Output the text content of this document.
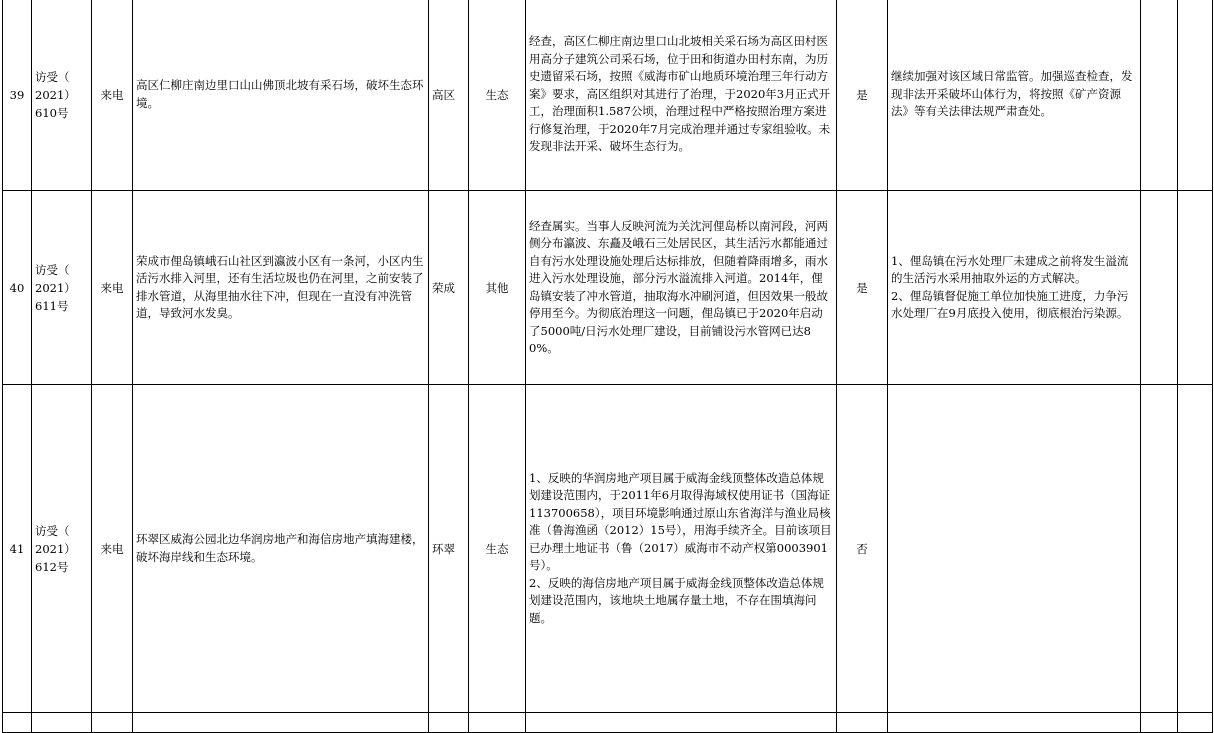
39	访受（
2021）
610号	来电	高区仁柳庄南边里口山山佛顶北坡有采石场，破坏生态环境。	高区	生态	经查，高区仁柳庄南边里口山北坡相关采石场为高区田村医用高分子建筑公司采石场，位于田和街道办田村东南，为历史遗留采石场，按照《威海市矿山地质环境治理三年行动方案》要求，高区组织对其进行了治理，于2020年3月正式开工，治理面积1.587公顷，治理过程中严格按照治理方案进行修复治理，于2020年7月完成治理并通过专家组验收。未发现非法开采、破坏生态行为。	是	继续加强对该区域日常监管。加强巡查检查，发现非法开采破坏山体行为，将按照《矿产资源法》等有关法律法规严肃查处。		

40	访受（
2021）
611号	来电	荣成市俚岛镇峨石山社区到瀛波小区有一条河，小区内生活污水排入河里，还有生活垃圾也仍在河里，之前安装了排水管道，从海里抽水往下冲，但现在一直没有冲洗管道，导致河水发臭。	荣成	其他	经查属实。当事人反映河流为关沈河俚岛桥以南河段，河两侧分布瀛波、东矗及峨石三处居民区，其生活污水都能通过自有污水处理设施处理后达标排放，但随着降雨增多，雨水进入污水处理设施，部分污水溢流排入河道。2014年，俚岛镇安装了冲水管道，抽取海水冲刷河道，但因效果一般故停用至今。为彻底治理这一问题，俚岛镇已于2020年启动了5000吨/日污水处理厂建设，目前铺设污水管网已达80%。	是	1、俚岛镇在污水处理厂未建成之前将发生溢流的生活污水采用抽取外运的方式解决。
2、俚岛镇督促施工单位加快施工进度，力争污水处理厂在9月底投入使用，彻底根治污染源。		

41	访受（
2021）
612号	来电	环翠区威海公园北边华润房地产和海信房地产填海建楼，破坏海岸线和生态环境。	环翠	生态	1、反映的华润房地产项目属于威海金线顶整体改造总体规划建设范围内，于2011年6月取得海域权使用证书（国海证113700658），项目环境影响通过原山东省海洋与渔业局核准（鲁海渔函（2012）15号），用海手续齐全。目前该项目已办理土地证书（鲁（2017）威海市不动产权第0003901号）。
2、反映的海信房地产项目属于威海金线顶整体改造总体规划建设范围内，该地块土地属存量土地，不存在围填海问题。	否			
